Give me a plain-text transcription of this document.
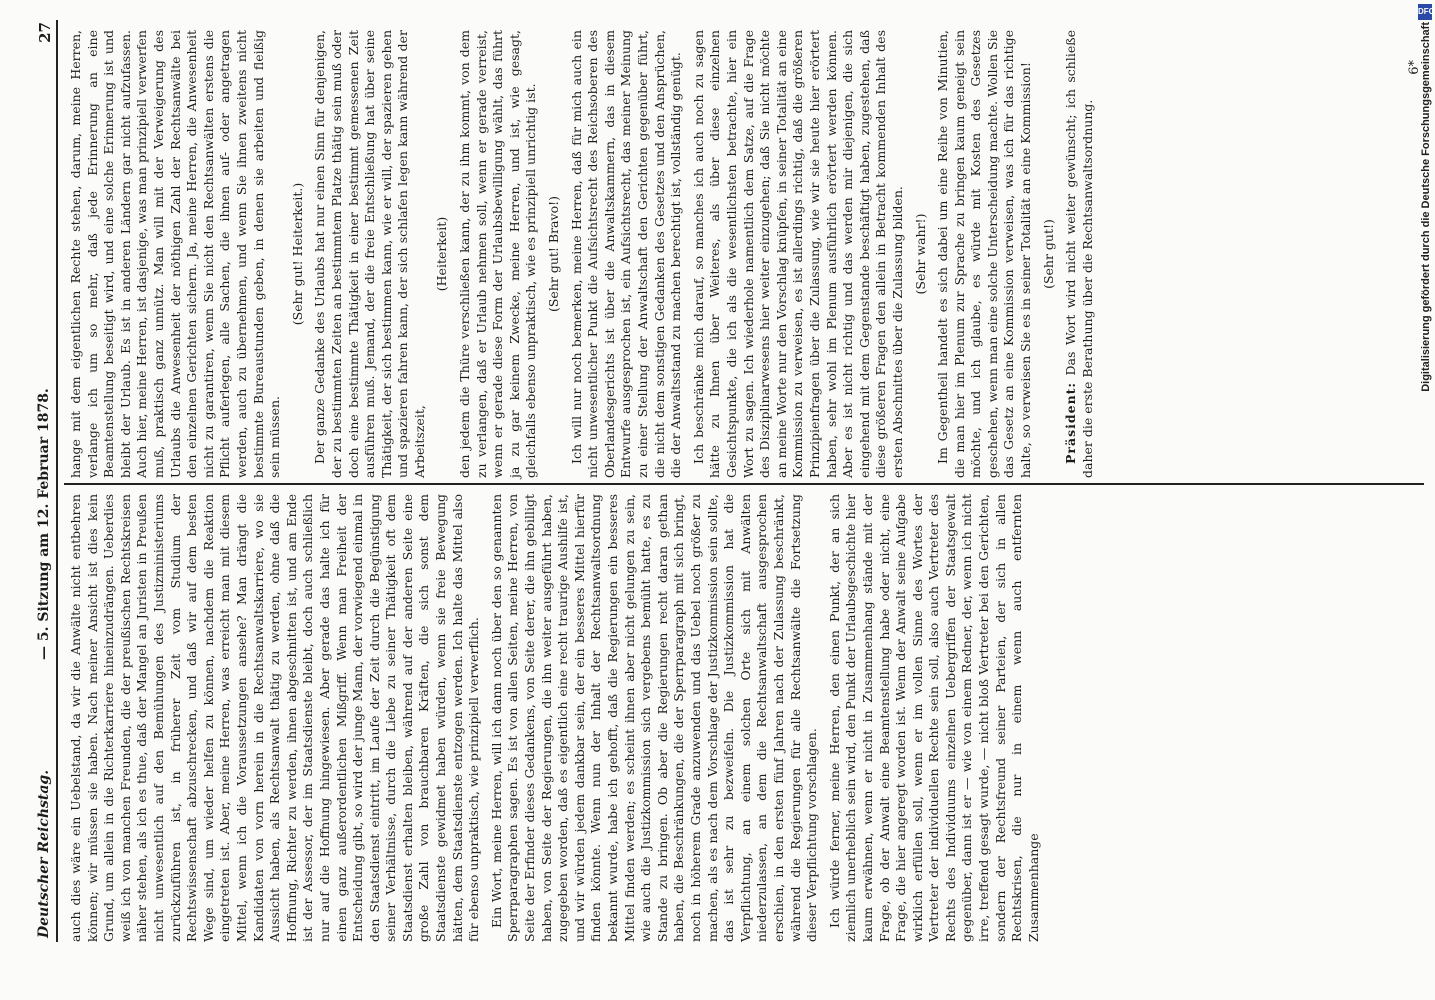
Deutscher Reichstag.
— 5. Sitzung am 12. Februar 1878.
27

auch dies wäre ein Uebelstand, da wir die Anwälte nicht entbehren können; wir müssen sie haben. Nach meiner Ansicht ist dies kein Grund, um allein in die Richterkarriere hineinzudrängen. Ueberdies weiß ich von manchen Freunden, die der preußischen Rechtskreisen näher stehen, als ich es thue, daß der Mangel an Juristen in Preußen nicht unwesentlich auf den Bemühungen des Justizministeriums zurückzuführen ist, in früherer Zeit vom Studium der Rechtswissenschaft abzuschrecken, und daß wir auf dem besten Wege sind, um wieder helfen zu können, nachdem die Reaktion eingetreten ist. Aber, meine Herren, was erreicht man mit diesem Mittel, wenn ich die Voraussetzungen ansehe? Man drängt die Kandidaten von vorn herein in die Rechtsanwaltskarriere, wo sie Aussicht haben, als Rechtsanwalt thätig zu werden, ohne daß die Hoffnung, Richter zu werden, ihnen abgeschnitten ist, und am Ende ist der Assessor, der im Staatsdienste bleibt, doch auch schließlich nur auf die Hoffnung hingewiesen. Aber gerade das halte ich für einen ganz außerordentlichen Mißgriff. Wenn man Freiheit der Entscheidung gibt, so wird der junge Mann, der vorwiegend einmal in den Staatsdienst eintritt, im Laufe der Zeit durch die Begünstigung seiner Verhältnisse, durch die Liebe zu seiner Thätigkeit oft dem Staatsdienst erhalten bleiben, während auf der anderen Seite eine große Zahl von brauchbaren Kräften, die sich sonst dem Staatsdienste gewidmet haben würden, wenn sie freie Bewegung hätten, dem Staatsdienste entzogen werden. Ich halte das Mittel also für ebenso unpraktisch, wie prinzipiell verwerflich. Ein Wort, meine Herren, will ich dann noch über den so genannten Sperrparagraphen sagen. Es ist von allen Seiten, meine Herren, von Seite der Erfinder dieses Gedankens, von Seite derer, die ihn gebilligt haben, von Seite der Regierungen, die ihn weiter ausgeführt haben, zugegeben worden, daß es eigentlich eine recht traurige Aushilfe ist, und wir würden jedem dankbar sein, der ein besseres Mittel hierfür finden könnte. Wenn nun der Inhalt der Rechtsanwaltsordnung bekannt wurde, habe ich gehofft, daß die Regierungen ein besseres Mittel finden werden; es scheint ihnen aber nicht gelungen zu sein, wie auch die Justizkommission sich vergebens bemüht hatte, es zu Stande zu bringen. Ob aber die Regierungen recht daran gethan haben, die Beschränkungen, die der Sperrparagraph mit sich bringt, noch in höherem Grade anzuwenden und das Uebel noch größer zu machen, als es nach dem Vorschlage der Justizkommission sein sollte, das ist sehr zu bezweifeln. Die Justizkommission hat die Verpflichtung, an einem solchen Orte sich mit Anwälten niederzulassen, an dem die Rechtsanwaltschaft ausgesprochen erschien, in den ersten fünf Jahren nach der Zulassung beschränkt, während die Regierungen für alle Rechtsanwälte die Fortsetzung dieser Verpflichtung vorschlagen. Ich würde ferner, meine Herren, den einen Punkt, der an sich ziemlich unerheblich sein wird, den Punkt der Urlaubsgeschichte hier kaum erwähnen, wenn er nicht in Zusammenhang stände mit der Frage, ob der Anwalt eine Beamtenstellung habe oder nicht, eine Frage, die hier angeregt worden ist. Wenn der Anwalt seine Aufgabe wirklich erfüllen soll, wenn er im vollen Sinne des Wortes der Vertreter der individuellen Rechte sein soll, also auch Vertreter des Rechts des Individuums einzelnen Uebergriffen der Staatsgewalt gegenüber, dann ist er — wie von einem Redner, der, wenn ich nicht irre, treffend gesagt wurde, — nicht bloß Vertreter bei den Gerichten, sondern der Rechtsfreund seiner Parteien, der sich in allen Rechtskrisen, die nur in einem wenn auch entfernten Zusammenhange

hange mit dem eigentlichen Rechte stehen, darum, meine Herren, verlange ich um so mehr, daß jede Erinnerung an eine Beamtenstellung beseitigt wird, und eine solche Erinnerung ist und bleibt der Urlaub. Es ist in anderen Ländern gar nicht aufzufassen. Auch hier, meine Herren, ist dasjenige, was man prinzipiell verwerfen muß, praktisch ganz unnütz. Man will mit der Verweigerung des Urlaubs die Anwesenheit der nöthigen Zahl der Rechtsanwälte bei den einzelnen Gerichten sichern. Ja, meine Herren, die Anwesenheit nicht zu garantiren, wenn Sie nicht den Rechtsanwälten erstens die Pflicht auferlegen, alle Sachen, die ihnen auf- oder angetragen werden, auch zu übernehmen, und wenn Sie ihnen zweitens nicht bestimmte Bureaustunden geben, in denen sie arbeiten und fleißig sein müssen.

(Sehr gut! Heiterkeit.) Der ganze Gedanke des Urlaubs hat nur einen Sinn für denjenigen, der zu bestimmten Zeiten an bestimmtem Platze thätig sein muß oder doch eine bestimmte Thätigkeit in einer bestimmt gemessenen Zeit ausführen muß. Jemand, der die freie Entschließung hat über seine Thätigkeit, der sich bestimmen kann, wie er will, der spazieren gehen und spazieren fahren kann, der sich schlafen legen kann während der Arbeitszeit,

(Heiterkeit) den jedem die Thüre verschließen kann, der zu ihm kommt, von dem zu verlangen, daß er Urlaub nehmen soll, wenn er gerade verreist, wenn er gerade diese Form der Urlaubsbewilligung wählt, das führt ja zu gar keinem Zwecke, meine Herren, und ist, wie gesagt, gleichfalls ebenso unpraktisch, wie es prinzipiell unrichtig ist. (Sehr gut! Bravo!) Ich will nur noch bemerken, meine Herren, daß für mich auch ein nicht unwesentlicher Punkt die Aufsichtsrecht des Reichsoberen des Oberlandesgerichts ist über die Anwaltskammern, das in diesem Entwurfe ausgesprochen ist, ein Aufsichtsrecht, das meiner Meinung zu einer Stellung der Anwaltschaft den Gerichten gegenüber führt, die nicht dem sonstigen Gedanken des Gesetzes und den Ansprüchen, die der Anwaltsstand zu machen berechtigt ist, vollständig genügt. Ich beschränke mich darauf, so manches ich auch noch zu sagen hätte zu Ihnen über Weiteres, als über diese einzelnen Gesichtspunkte, die ich als die wesentlichsten betrachte, hier ein Wort zu sagen. Ich wiederhole namentlich dem Satze, auf die Frage des Disziplinarwesens hier weiter einzugehen; daß Sie nicht möchte an meine Worte nur den Vorschlag knüpfen, in seiner Totalität an eine Kommission zu verweisen, es ist allerdings richtig, daß die größeren Prinzipienfragen über die Zulassung, wie wir sie heute hier erörtert haben, sehr wohl im Plenum ausführlich erörtert werden können. Aber es ist nicht richtig und das werden mir diejenigen, die sich eingehend mit dem Gegenstande beschäftigt haben, zugestehen, daß diese größeren Fragen den allein in Betracht kommenden Inhalt des ersten Abschnittes über die Zulassung bilden. (Sehr wahr!) Im Gegentheil handelt es sich dabei um eine Reihe von Minutien, die man hier im Plenum zur Sprache zu bringen kaum geneigt sein möchte, und ich glaube, es würde mit Kosten des Gesetzes geschehen, wenn man eine solche Unterscheidung machte. Wollen Sie das Gesetz an eine Kommission verweisen, was ich für das richtige halte, so verweisen Sie es in seiner Totalität an eine Kommission! (Sehr gut!)

Präsident: Das Wort wird nicht weiter gewünscht; ich schließe daher die erste Berathung über die Rechtsanwaltsordnung.

6*
DFG
Digitalisierung gefördert durch die Deutsche Forschungsgemeinschaft
